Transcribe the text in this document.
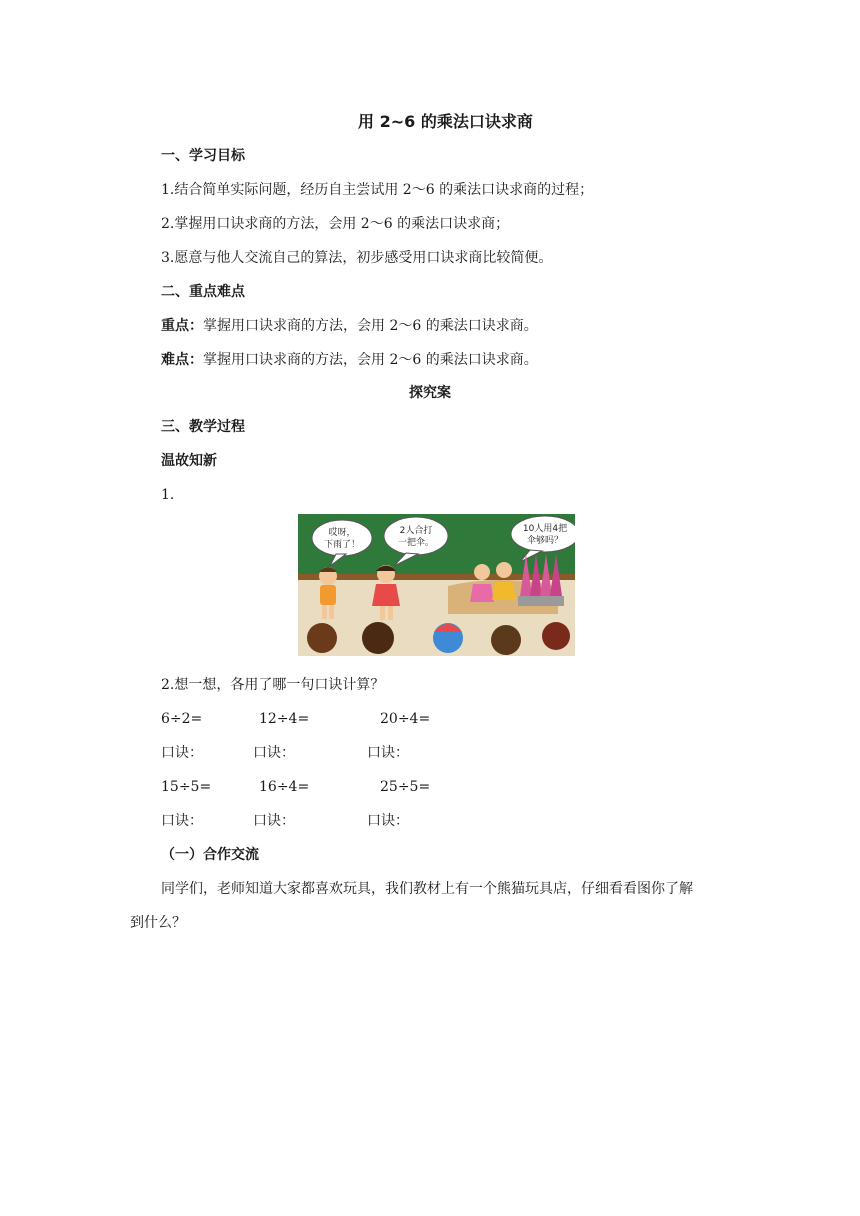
用 2~6 的乘法口诀求商
一、学习目标
1.结合简单实际问题，经历自主尝试用 2～6 的乘法口诀求商的过程；
2.掌握用口诀求商的方法，会用 2～6 的乘法口诀求商；
3.愿意与他人交流自己的算法，初步感受用口诀求商比较简便。
二、重点难点
重点：掌握用口诀求商的方法，会用 2～6 的乘法口诀求商。
难点：掌握用口诀求商的方法，会用 2～6 的乘法口诀求商。
探究案
三、教学过程
温故知新
1.
哎呀，
下雨了！
2人合打
一把伞。
10人用4把
伞够吗？
2.想一想，各用了哪一句口诀计算？
6÷2=	12÷4=	20÷4=
口诀：	口诀：	口诀：
15÷5=	16÷4=	25÷5=
口诀：	口诀：	口诀：
（一）合作交流
同学们，老师知道大家都喜欢玩具，我们教材上有一个熊猫玩具店，仔细看看图你了解
到什么？
